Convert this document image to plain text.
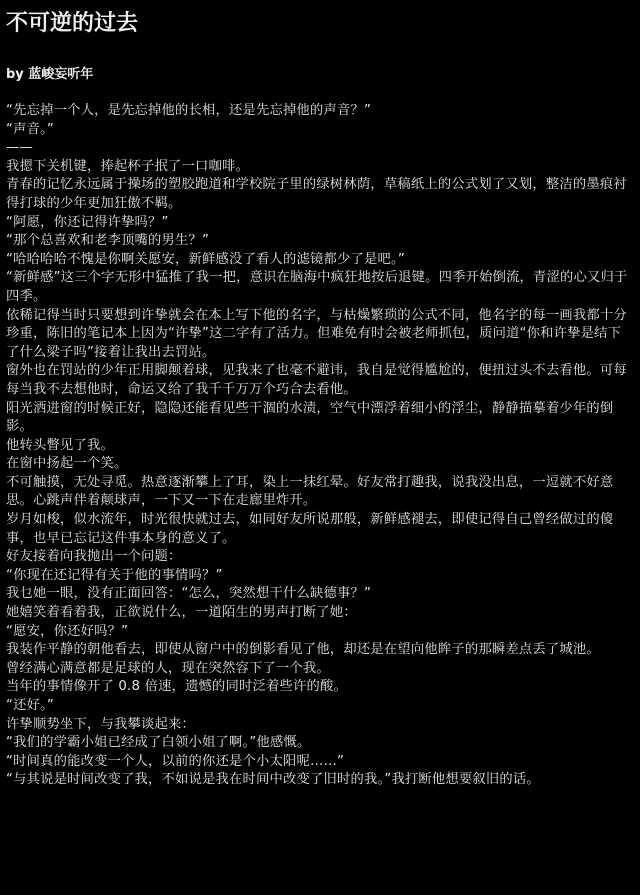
不可逆的过去
by 蓝峻妄听年

“先忘掉一个人，是先忘掉他的长相，还是先忘掉他的声音？”

“声音。”

——

我摁下关机键，捧起杯子抿了一口咖啡。

青春的记忆永远属于操场的塑胶跑道和学校院子里的绿树林荫，草稿纸上的公式划了又划，整洁的墨痕衬得打球的少年更加狂傲不羁。

“阿愿，你还记得许挚吗？”

“那个总喜欢和老李顶嘴的男生？”

“哈哈哈哈不愧是你啊关愿安，新鲜感没了看人的滤镜都少了是吧。”

“新鲜感”这三个字无形中猛推了我一把，意识在脑海中疯狂地按后退键。四季开始倒流，青涩的心又归于四季。

依稀记得当时只要想到许挚就会在本上写下他的名字，与枯燥繁琐的公式不同，他名字的每一画我都十分珍重，陈旧的笔记本上因为“许挚”这二字有了活力。但难免有时会被老师抓包，质问道“你和许挚是结下了什么梁子吗”接着让我出去罚站。

窗外也在罚站的少年正用脚颠着球，见我来了也毫不避讳，我自是觉得尴尬的，便扭过头不去看他。可每每当我不去想他时，命运又给了我千千万万个巧合去看他。

阳光洒进窗的时候正好，隐隐还能看见些干涸的水渍，空气中漂浮着细小的浮尘，静静描摹着少年的倒影。

他转头瞥见了我。

在窗中扬起一个笑。

不可触摸，无处寻觅。热意逐渐攀上了耳，染上一抹红晕。好友常打趣我，说我没出息，一逗就不好意思。心跳声伴着颠球声，一下又一下在走廊里炸开。

岁月如梭，似水流年，时光很快就过去，如同好友所说那般，新鲜感褪去，即使记得自己曾经做过的傻事，也早已忘记这件事本身的意义了。

好友接着向我抛出一个问题：

“你现在还记得有关于他的事情吗？”

我乜她一眼，没有正面回答：“怎么，突然想干什么缺德事？”

她嬉笑着看着我，正欲说什么，一道陌生的男声打断了她：

“愿安，你还好吗？”

我装作平静的朝他看去，即使从窗户中的倒影看见了他，却还是在望向他眸子的那瞬差点丢了城池。

曾经满心满意都是足球的人，现在突然容下了一个我。

当年的事情像开了 0.8 倍速，遗憾的同时泛着些许的酸。

“还好。”

许挚顺势坐下，与我攀谈起来：

“我们的学霸小姐已经成了白领小姐了啊。”他感慨。

“时间真的能改变一个人，以前的你还是个小太阳呢……”

“与其说是时间改变了我，不如说是我在时间中改变了旧时的我。”我打断他想要叙旧的话。
